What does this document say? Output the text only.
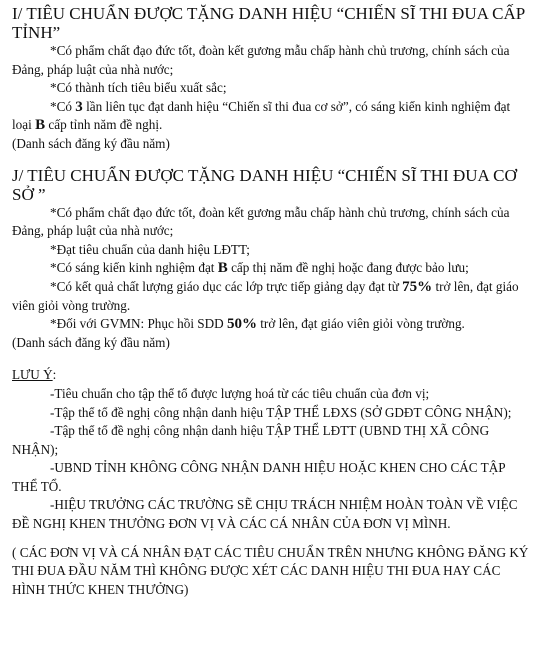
I/ TIÊU CHUẨN ĐƯỢC TẶNG DANH HIỆU “CHIẾN SĨ THI ĐUA CẤP TỈNH”

*Có phẩm chất đạo đức tốt, đoàn kết gương mẫu chấp hành chủ trương, chính sách của Đảng, pháp luật của nhà nước;

*Có thành tích tiêu biểu xuất sắc;

*Có 3 lần liên tục đạt danh hiệu “Chiến sĩ thi đua cơ sở”, có sáng kiến kinh nghiệm đạt loại B cấp tỉnh năm đề nghị.

(Danh sách đăng ký đầu năm)

J/ TIÊU CHUẨN ĐƯỢC TẶNG DANH HIỆU “CHIẾN SĨ THI ĐUA CƠ SỞ ”

*Có phẩm chất đạo đức tốt, đoàn kết gương mẫu chấp hành chủ trương, chính sách của Đảng, pháp luật của nhà nước;

*Đạt tiêu chuẩn của danh hiệu LĐTT;

*Có sáng kiến kinh nghiệm đạt B cấp thị năm đề nghị hoặc đang được bảo lưu;

*Có kết quả chất lượng giáo dục các lớp trực tiếp giảng dạy đạt từ 75% trở lên, đạt giáo viên giỏi vòng trường.

*Đối với GVMN: Phục hồi SDD 50% trở lên, đạt giáo viên giỏi vòng trường.

(Danh sách đăng ký đầu năm)

LƯU Ý:

-Tiêu chuẩn cho tập thể tổ được lượng hoá từ các tiêu chuẩn của đơn vị;

-Tập thể tổ đề nghị công nhận danh hiệu TẬP THỂ LĐXS (SỞ GDĐT CÔNG NHẬN);

-Tập thể tổ đề nghị công nhận danh hiệu TẬP THỂ LĐTT (UBND THỊ XÃ CÔNG NHẬN);

-UBND TỈNH KHÔNG CÔNG NHẬN DANH HIỆU HOẶC KHEN CHO CÁC TẬP THỂ TỔ.

-HIỆU TRƯỞNG CÁC TRƯỜNG SẼ CHỊU TRÁCH NHIỆM HOÀN TOÀN VỀ VIỆC ĐỀ NGHỊ KHEN THƯỞNG ĐƠN VỊ VÀ CÁC CÁ NHÂN CỦA ĐƠN VỊ MÌNH.

( CÁC ĐƠN VỊ VÀ CÁ NHÂN ĐẠT CÁC TIÊU CHUẨN TRÊN NHƯNG KHÔNG ĐĂNG KÝ THI ĐUA ĐẦU NĂM THÌ KHÔNG ĐƯỢC XÉT CÁC DANH HIỆU THI ĐUA HAY CÁC HÌNH THỨC KHEN THƯỞNG)
